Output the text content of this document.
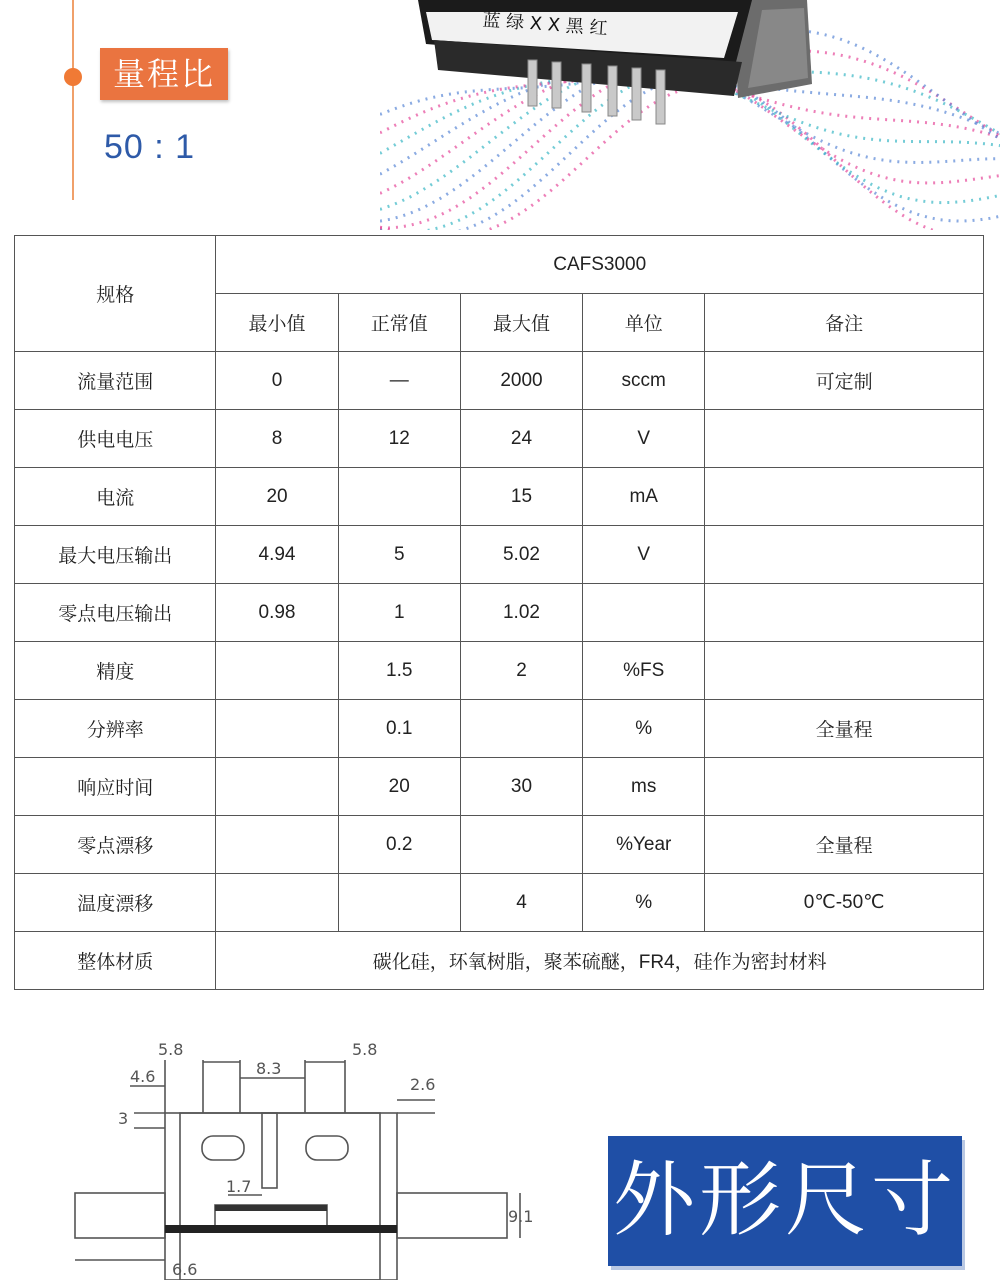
量程比
50 : 1
蓝 绿 X X 黑 红
规格	CAFS3000				
	最小值	正常值	最大值	单位	备注
流量范围	0	—	2000	sccm	可定制
供电电压	8	12	24	V	
电流	20		15	mA	
最大电压输出	4.94	5	5.02	V	
零点电压输出	0.98	1	1.02		
精度		1.5	2	%FS	
分辨率		0.1		%	全量程
响应时间		20	30	ms	
零点漂移		0.2		%Year	全量程
温度漂移			4	%	0℃-50℃
整体材质	碳化硅，环氧树脂，聚苯硫醚，FR4，硅作为密封材料				
5.8
8.3
5.8
4.6	2.6
3
1.7
9.1
6.6
外形尺寸
